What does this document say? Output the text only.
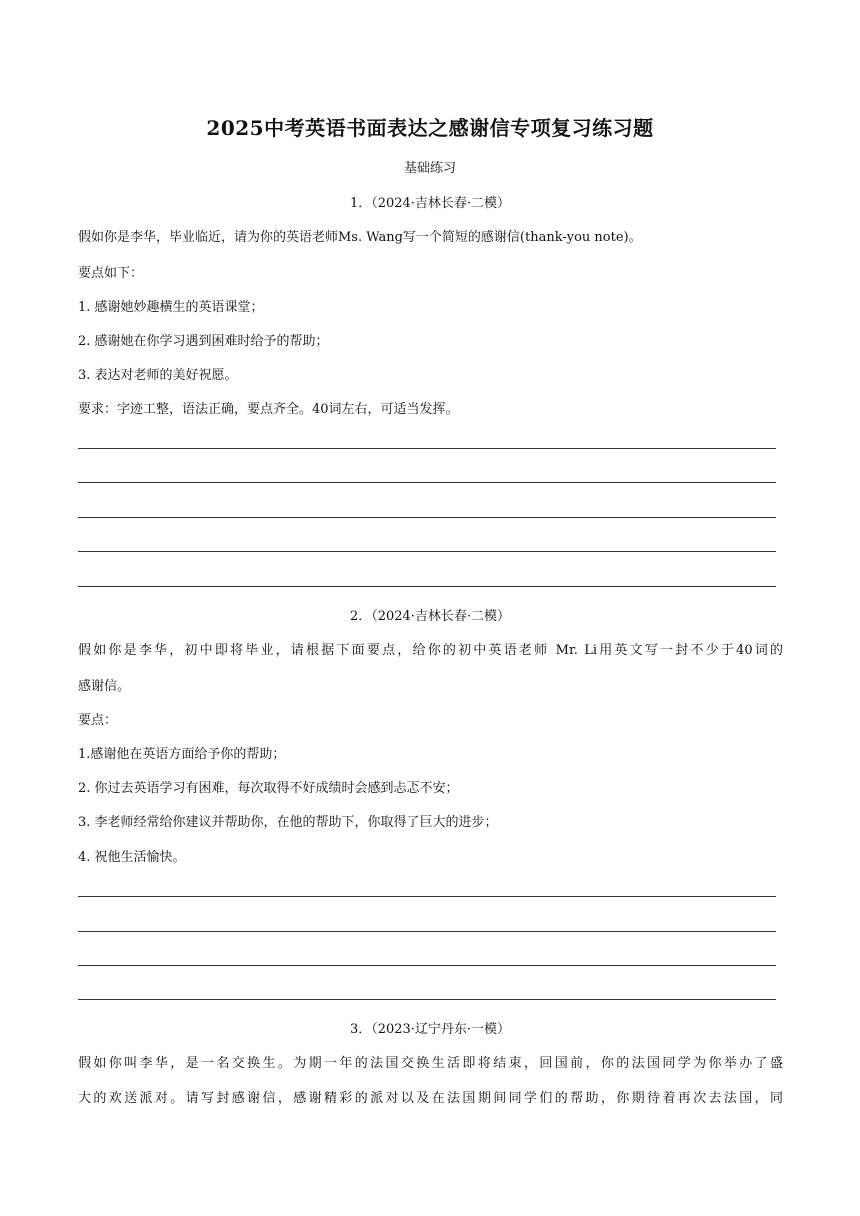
2025中考英语书面表达之感谢信专项复习练习题
基础练习
1．（2024·吉林长春·二模）
假如你是李华，毕业临近，请为你的英语老师Ms. Wang写一个简短的感谢信(thank-you note)。
要点如下：
1. 感谢她妙趣横生的英语课堂；
2. 感谢她在你学习遇到困难时给予的帮助；
3. 表达对老师的美好祝愿。
要求：字迹工整，语法正确，要点齐全。40词左右，可适当发挥。
2．（2024·吉林长春·二模）
假如你是李华，初中即将毕业，请根据下面要点，给你的初中英语老师 Mr. Li用英文写一封不少于40词的
感谢信。
要点：
1.感谢他在英语方面给予你的帮助；
2. 你过去英语学习有困难，每次取得不好成绩时会感到忐忑不安；
3. 李老师经常给你建议并帮助你，在他的帮助下，你取得了巨大的进步；
4. 祝他生活愉快。
3．（2023·辽宁丹东·一模）
假如你叫李华，是一名交换生。为期一年的法国交换生活即将结束，回国前，你的法国同学为你举办了盛
大的欢送派对。请写封感谢信，感谢精彩的派对以及在法国期间同学们的帮助，你期待着再次去法国，同
